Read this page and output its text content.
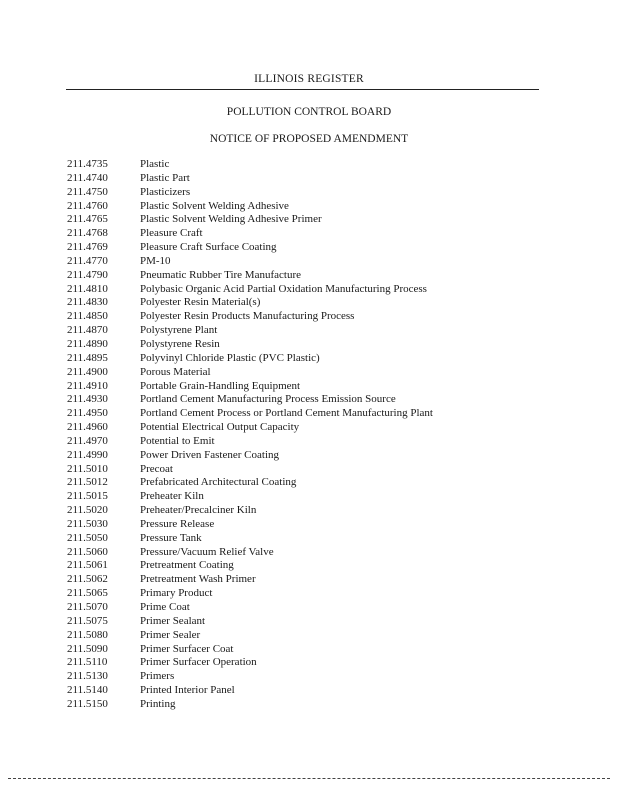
ILLINOIS REGISTER
POLLUTION CONTROL BOARD
NOTICE OF PROPOSED AMENDMENT
211.4735	Plastic
211.4740	Plastic Part
211.4750	Plasticizers
211.4760	Plastic Solvent Welding Adhesive
211.4765	Plastic Solvent Welding Adhesive Primer
211.4768	Pleasure Craft
211.4769	Pleasure Craft Surface Coating
211.4770	PM-10
211.4790	Pneumatic Rubber Tire Manufacture
211.4810	Polybasic Organic Acid Partial Oxidation Manufacturing Process
211.4830	Polyester Resin Material(s)
211.4850	Polyester Resin Products Manufacturing Process
211.4870	Polystyrene Plant
211.4890	Polystyrene Resin
211.4895	Polyvinyl Chloride Plastic (PVC Plastic)
211.4900	Porous Material
211.4910	Portable Grain-Handling Equipment
211.4930	Portland Cement Manufacturing Process Emission Source
211.4950	Portland Cement Process or Portland Cement Manufacturing Plant
211.4960	Potential Electrical Output Capacity
211.4970	Potential to Emit
211.4990	Power Driven Fastener Coating
211.5010	Precoat
211.5012	Prefabricated Architectural Coating
211.5015	Preheater Kiln
211.5020	Preheater/Precalciner Kiln
211.5030	Pressure Release
211.5050	Pressure Tank
211.5060	Pressure/Vacuum Relief Valve
211.5061	Pretreatment Coating
211.5062	Pretreatment Wash Primer
211.5065	Primary Product
211.5070	Prime Coat
211.5075	Primer Sealant
211.5080	Primer Sealer
211.5090	Primer Surfacer Coat
211.5110	Primer Surfacer Operation
211.5130	Primers
211.5140	Printed Interior Panel
211.5150	Printing
